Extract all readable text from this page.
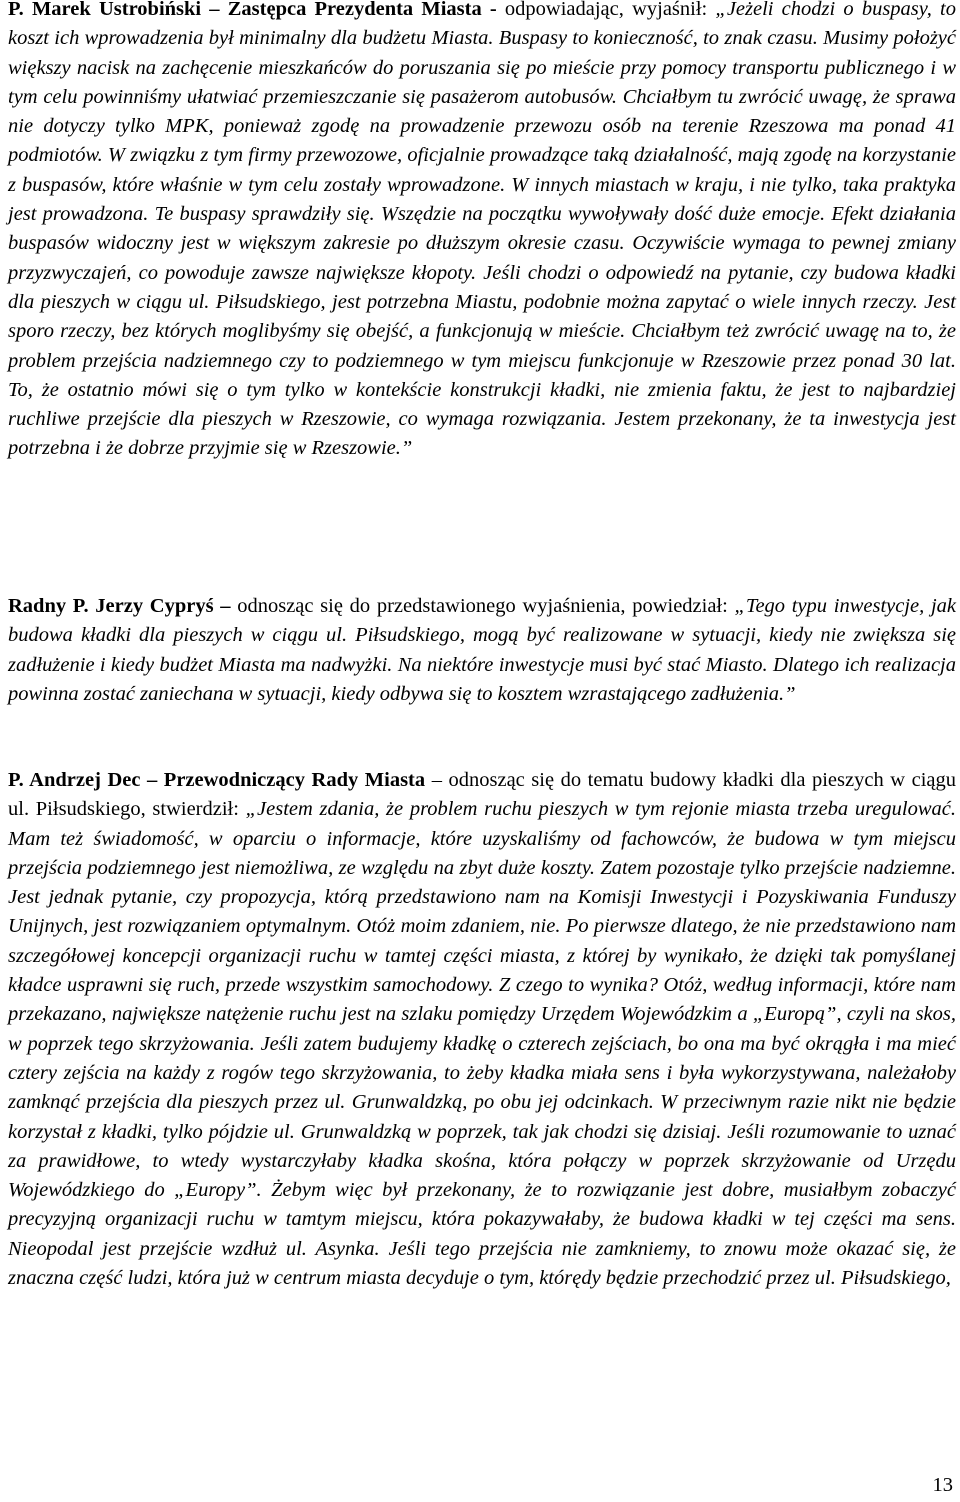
P. Marek Ustrobiński – Zastępca Prezydenta Miasta - odpowiadając, wyjaśnił: „Jeżeli chodzi o buspasy, to koszt ich wprowadzenia był minimalny dla budżetu Miasta. Buspasy to konieczność, to znak czasu. Musimy położyć większy nacisk na zachęcenie mieszkańców do poruszania się po mieście przy pomocy transportu publicznego i w tym celu powinniśmy ułatwiać przemieszczanie się pasażerom autobusów. Chciałbym tu zwrócić uwagę, że sprawa nie dotyczy tylko MPK, ponieważ zgodę na prowadzenie przewozu osób na terenie Rzeszowa ma ponad 41 podmiotów. W związku z tym firmy przewozowe, oficjalnie prowadzące taką działalność, mają zgodę na korzystanie z buspasów, które właśnie w tym celu zostały wprowadzone. W innych miastach w kraju, i nie tylko, taka praktyka jest prowadzona. Te buspasy sprawdziły się. Wszędzie na początku wywoływały dość duże emocje. Efekt działania buspasów widoczny jest w większym zakresie po dłuższym okresie czasu. Oczywiście wymaga to pewnej zmiany przyzwyczajeń, co powoduje zawsze największe kłopoty. Jeśli chodzi o odpowiedź na pytanie, czy budowa kładki dla pieszych w ciągu ul. Piłsudskiego, jest potrzebna Miastu, podobnie można zapytać o wiele innych rzeczy. Jest sporo rzeczy, bez których moglibyśmy się obejść, a funkcjonują w mieście. Chciałbym też zwrócić uwagę na to, że problem przejścia nadziemnego czy to podziemnego w tym miejscu funkcjonuje w Rzeszowie przez ponad 30 lat. To, że ostatnio mówi się o tym tylko w kontekście konstrukcji kładki, nie zmienia faktu, że jest to najbardziej ruchliwe przejście dla pieszych w Rzeszowie, co wymaga rozwiązania. Jestem przekonany, że ta inwestycja jest potrzebna i że dobrze przyjmie się w Rzeszowie.”

Radny P. Jerzy Cypryś – odnosząc się do przedstawionego wyjaśnienia, powiedział: „Tego typu inwestycje, jak budowa kładki dla pieszych w ciągu ul. Piłsudskiego, mogą być realizowane w sytuacji, kiedy nie zwiększa się zadłużenie i kiedy budżet Miasta ma nadwyżki. Na niektóre inwestycje musi być stać Miasto. Dlatego ich realizacja powinna zostać zaniechana w sytuacji, kiedy odbywa się to kosztem wzrastającego zadłużenia.”

P. Andrzej Dec – Przewodniczący Rady Miasta – odnosząc się do tematu budowy kładki dla pieszych w ciągu ul. Piłsudskiego, stwierdził: „Jestem zdania, że problem ruchu pieszych w tym rejonie miasta trzeba uregulować. Mam też świadomość, w oparciu o informacje, które uzyskaliśmy od fachowców, że budowa w tym miejscu przejścia podziemnego jest niemożliwa, ze względu na zbyt duże koszty. Zatem pozostaje tylko przejście nadziemne. Jest jednak pytanie, czy propozycja, którą przedstawiono nam na Komisji Inwestycji i Pozyskiwania Funduszy Unijnych, jest rozwiązaniem optymalnym. Otóż moim zdaniem, nie. Po pierwsze dlatego, że nie przedstawiono nam szczegółowej koncepcji organizacji ruchu w tamtej części miasta, z której by wynikało, że dzięki tak pomyślanej kładce usprawni się ruch, przede wszystkim samochodowy. Z czego to wynika? Otóż, według informacji, które nam przekazano, największe natężenie ruchu jest na szlaku pomiędzy Urzędem Wojewódzkim a „Europą”, czyli na skos, w poprzek tego skrzyżowania. Jeśli zatem budujemy kładkę o czterech zejściach, bo ona ma być okrągła i ma mieć cztery zejścia na każdy z rogów tego skrzyżowania, to żeby kładka miała sens i była wykorzystywana, należałoby zamknąć przejścia dla pieszych przez ul. Grunwaldzką, po obu jej odcinkach. W przeciwnym razie nikt nie będzie korzystał z kładki, tylko pójdzie ul. Grunwaldzką w poprzek, tak jak chodzi się dzisiaj. Jeśli rozumowanie to uznać za prawidłowe, to wtedy wystarczyłaby kładka skośna, która połączy w poprzek skrzyżowanie od Urzędu Wojewódzkiego do „Europy”. Żebym więc był przekonany, że to rozwiązanie jest dobre, musiałbym zobaczyć precyzyjną organizacji ruchu w tamtym miejscu, która pokazywałaby, że budowa kładki w tej części ma sens. Nieopodal jest przejście wzdłuż ul. Asynka. Jeśli tego przejścia nie zamkniemy, to znowu może okazać się, że znaczna część ludzi, która już w centrum miasta decyduje o tym, którędy będzie przechodzić przez ul. Piłsudskiego,

13
